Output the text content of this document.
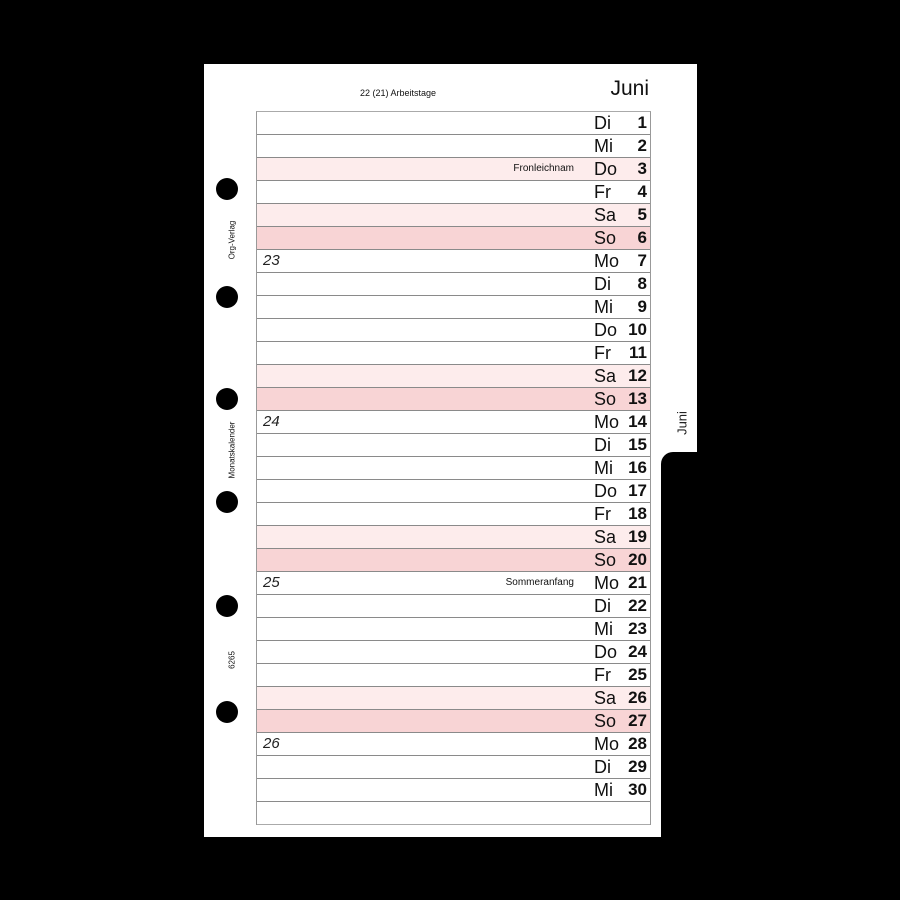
Juni
Org-Verlag
Monatskalender
6265
22 (21) Arbeitstage	Juni
Di 1
Mi 2
Fronleichnam Do 3
Fr 4
Sa 5
So 6
23	Mo 7
Di 8
Mi 9
Do 10
Fr 11
Sa 12
So 13
24	Mo 14
Di 15
Mi 16
Do 17
Fr 18
Sa 19
So 20
25	Sommeranfang Mo 21
Di 22
Mi 23
Do 24
Fr 25
Sa 26
So 27
26	Mo 28
Di 29
Mi 30
